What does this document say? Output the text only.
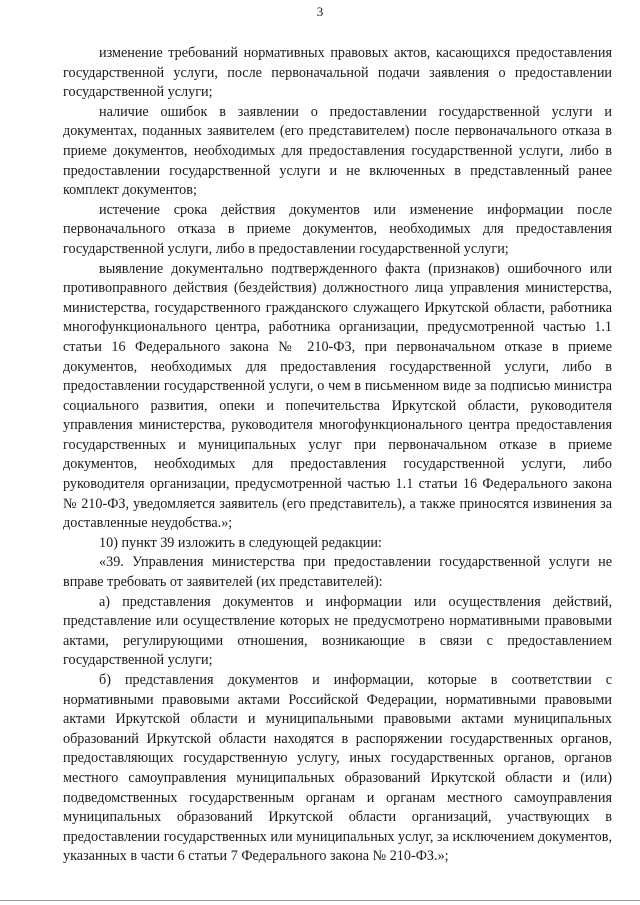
3

изменение требований нормативных правовых актов, касающихся предоставления государственной услуги, после первоначальной подачи заявления о предоставлении государственной услуги;

наличие ошибок в заявлении о предоставлении государственной услуги и документах, поданных заявителем (его представителем) после первоначального отказа в приеме документов, необходимых для предоставления государственной услуги, либо в предоставлении государственной услуги и не включенных в представленный ранее комплект документов;

истечение срока действия документов или изменение информации после первоначального отказа в приеме документов, необходимых для предоставления государственной услуги, либо в предоставлении государственной услуги;

выявление документально подтвержденного факта (признаков) ошибочного или противоправного действия (бездействия) должностного лица управления министерства, министерства, государственного гражданского служащего Иркутской области, работника многофункционального центра, работника организации, предусмотренной частью 1.1 статьи 16 Федерального закона № 210-ФЗ, при первоначальном отказе в приеме документов, необходимых для предоставления государственной услуги, либо в предоставлении государственной услуги, о чем в письменном виде за подписью министра социального развития, опеки и попечительства Иркутской области, руководителя управления министерства, руководителя многофункционального центра предоставления государственных и муниципальных услуг при первоначальном отказе в приеме документов, необходимых для предоставления государственной услуги, либо руководителя организации, предусмотренной частью 1.1 статьи 16 Федерального закона № 210-ФЗ, уведомляется заявитель (его представитель), а также приносятся извинения за доставленные неудобства.»;

10) пункт 39 изложить в следующей редакции:

«39. Управления министерства при предоставлении государственной услуги не вправе требовать от заявителей (их представителей):

а) представления документов и информации или осуществления действий, представление или осуществление которых не предусмотрено нормативными правовыми актами, регулирующими отношения, возникающие в связи с предоставлением государственной услуги;

б) представления документов и информации, которые в соответствии с нормативными правовыми актами Российской Федерации, нормативными правовыми актами Иркутской области и муниципальными правовыми актами муниципальных образований Иркутской области находятся в распоряжении государственных органов, предоставляющих государственную услугу, иных государственных органов, органов местного самоуправления муниципальных образований Иркутской области и (или) подведомственных государственным органам и органам местного самоуправления муниципальных образований Иркутской области организаций, участвующих в предоставлении государственных или муниципальных услуг, за исключением документов, указанных в части 6 статьи 7 Федерального закона № 210-ФЗ.»;
